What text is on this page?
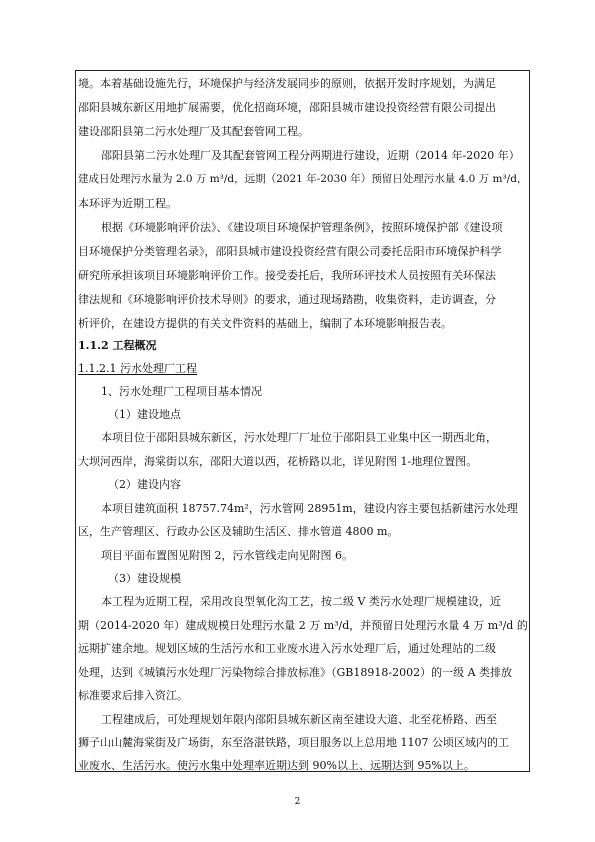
境。本着基础设施先行，环境保护与经济发展同步的原则，依据开发时序规划，为满足
邵阳县城东新区用地扩展需要，优化招商环境，邵阳县城市建设投资经营有限公司提出
建设邵阳县第二污水处理厂及其配套管网工程。
邵阳县第二污水处理厂及其配套管网工程分两期进行建设，近期（2014 年-2020 年）
建成日处理污水量为 2.0 万 m³/d，远期（2021 年-2030 年）预留日处理污水量 4.0 万 m³/d，
本环评为近期工程。
根据《环境影响评价法》、《建设项目环境保护管理条例》，按照环境保护部《建设项
目环境保护分类管理名录》，邵阳县城市建设投资经营有限公司委托岳阳市环境保护科学
研究所承担该项目环境影响评价工作。接受委托后，我所环评技术人员按照有关环保法
律法规和《环境影响评价技术导则》的要求，通过现场踏勘，收集资料，走访调查，分
析评价，在建设方提供的有关文件资料的基础上，编制了本环境影响报告表。
1.1.2 工程概况
1.1.2.1 污水处理厂工程
1、污水处理厂工程项目基本情况
（1）建设地点
本项目位于邵阳县城东新区，污水处理厂厂址位于邵阳县工业集中区一期西北角，
大坝河西岸，海棠街以东，邵阳大道以西，花桥路以北，详见附图 1-地理位置图。
（2）建设内容
本项目建筑面积 18757.74m²，污水管网 28951m，建设内容主要包括新建污水处理
区，生产管理区、行政办公区及辅助生活区、排水管道 4800 m。
项目平面布置图见附图 2，污水管线走向见附图 6。
（3）建设规模
本工程为近期工程，采用改良型氧化沟工艺，按二级 V 类污水处理厂规模建设，近
期（2014-2020 年）建成规模日处理污水量 2 万 m³/d，并预留日处理污水量 4 万 m³/d 的
远期扩建余地。规划区域的生活污水和工业废水进入污水处理厂后，通过处理站的二级
处理，达到《城镇污水处理厂污染物综合排放标准》（GB18918-2002）的一级 A 类排放
标准要求后排入资江。
工程建成后，可处理规划年限内邵阳县城东新区南至建设大道、北至花桥路、西至
狮子山山麓海棠街及广场街，东至洛湛铁路，项目服务以上总用地 1107 公顷区域内的工
业废水、生活污水。使污水集中处理率近期达到 90%以上、远期达到 95%以上。
2
